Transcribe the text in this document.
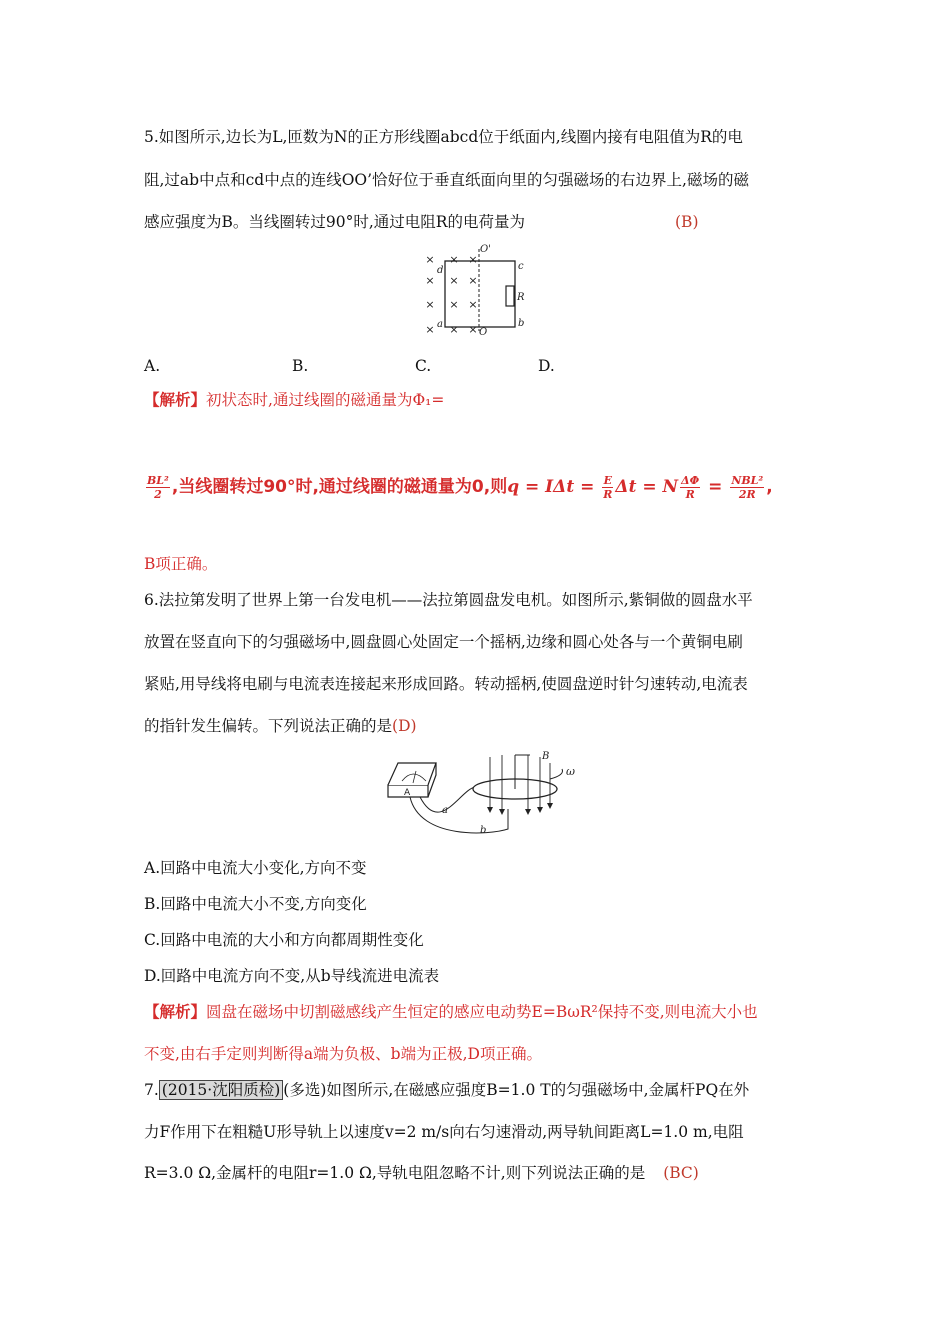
5.如图所示,边长为L,匝数为N的正方形线圈abcd位于纸面内,线圈内接有电阻值为R的电
阻,过ab中点和cd中点的连线OO’恰好位于垂直纸面向里的匀强磁场的右边界上,磁场的磁
感应强度为B。当线圈转过90°时,通过电阻R的电荷量为	(B)
× × ×
× × ×
× × ×
× × ×
O'
O
d
a
c
b
R
A.	B.	C.	D.
【解析】初状态时,通过线圈的磁通量为Φ₁=
$\frac{\text{BL²}}{2}$ ,当线圈转过90°时,通过线圈的磁通量为0,则$q = I\Delta t = \frac{E}{R}$ Δt = N $\frac{\Delta\Phi}{R} = \frac{\text{NBL²}}{2R}$ ,
B项正确。
6.法拉第发明了世界上第一台发电机——法拉第圆盘发电机。如图所示,紫铜做的圆盘水平
放置在竖直向下的匀强磁场中,圆盘圆心处固定一个摇柄,边缘和圆心处各与一个黄铜电刷
紧贴,用导线将电刷与电流表连接起来形成回路。转动摇柄,使圆盘逆时针匀速转动,电流表
的指针发生偏转。下列说法正确的是(D)
A
a
b
B
ω
A.回路中电流大小变化,方向不变
B.回路中电流大小不变,方向变化
C.回路中电流的大小和方向都周期性变化
D.回路中电流方向不变,从b导线流进电流表
【解析】圆盘在磁场中切割磁感线产生恒定的感应电动势E=BωR²保持不变,则电流大小也
不变,由右手定则判断得a端为负极、b端为正极,D项正确。
7. (2015·沈阳质检) (多选)如图所示,在磁感应强度B=1.0 T的匀强磁场中,金属杆PQ在外
力F作用下在粗糙U形导轨上以速度v=2 m/s向右匀速滑动,两导轨间距离L=1.0 m,电阻
R=3.0 Ω,金属杆的电阻r=1.0 Ω,导轨电阻忽略不计,则下列说法正确的是 (BC)
